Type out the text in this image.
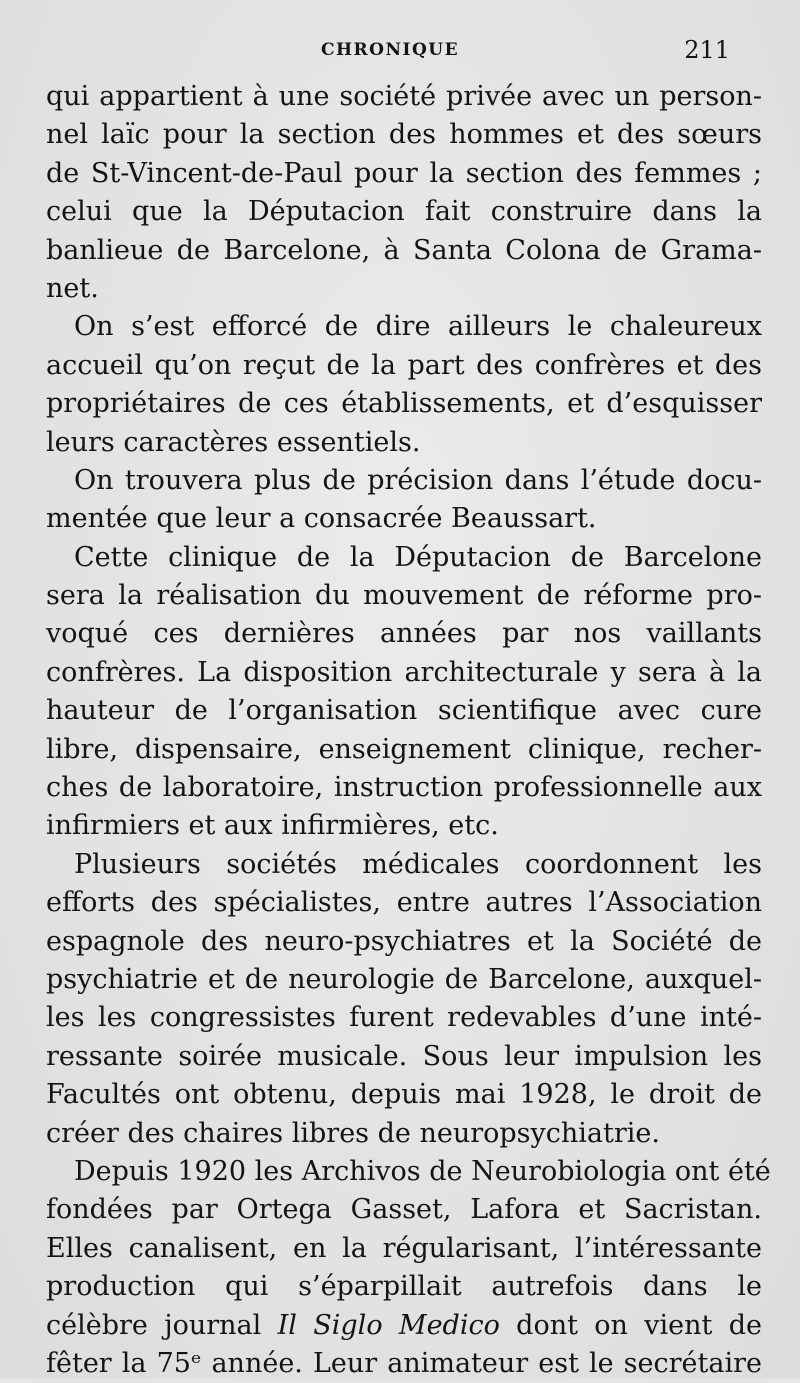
CHRONIQUE	211
qui appartient à une société privée avec un person-
nel laïc pour la section des hommes et des sœurs
de St-Vincent-de-Paul pour la section des femmes ;
celui que la Députacion fait construire dans la
banlieue de Barcelone, à Santa Colona de Grama-
net.
On s’est efforcé de dire ailleurs le chaleureux
accueil qu’on reçut de la part des confrères et des
propriétaires de ces établissements, et d’esquisser
leurs caractères essentiels.
On trouvera plus de précision dans l’étude docu-
mentée que leur a consacrée Beaussart.
Cette clinique de la Députacion de Barcelone
sera la réalisation du mouvement de réforme pro-
voqué ces dernières années par nos vaillants
confrères. La disposition architecturale y sera à la
hauteur de l’organisation scientifique avec cure
libre, dispensaire, enseignement clinique, recher-
ches de laboratoire, instruction professionnelle aux
infirmiers et aux infirmières, etc.
Plusieurs sociétés médicales coordonnent les
efforts des spécialistes, entre autres l’Association
espagnole des neuro-psychiatres et la Société de
psychiatrie et de neurologie de Barcelone, auxquel-
les les congressistes furent redevables d’une inté-
ressante soirée musicale. Sous leur impulsion les
Facultés ont obtenu, depuis mai 1928, le droit de
créer des chaires libres de neuropsychiatrie.
Depuis 1920 les Archivos de Neurobiologia ont été
fondées par Ortega Gasset, Lafora et Sacristan.
Elles canalisent, en la régularisant, l’intéressante
production qui s’éparpillait autrefois dans le
célèbre journal Il Siglo Medico dont on vient de
fêter la 75ᵉ année. Leur animateur est le secrétaire
